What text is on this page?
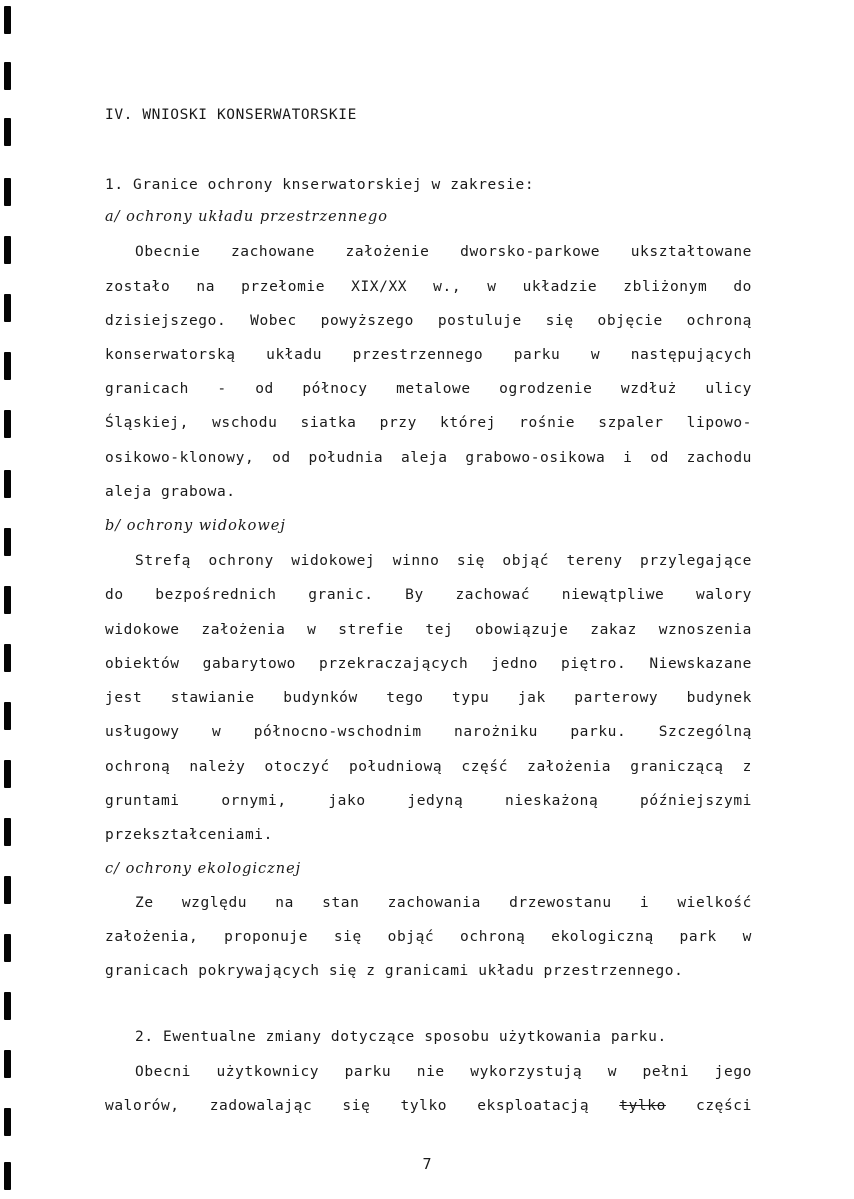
IV. WNIOSKI KONSERWATORSKIE
1. Granice ochrony knserwatorskiej w zakresie:
a/ ochrony układu przestrzennego
Obecnie zachowane założenie dworsko-parkowe ukształtowane
zostało na przełomie XIX/XX w., w układzie zbliżonym do
dzisiejszego. Wobec powyższego postuluje się objęcie ochroną
konserwatorską układu przestrzennego parku w następujących
granicach - od północy metalowe ogrodzenie wzdłuż ulicy
Śląskiej, wschodu siatka przy której rośnie szpaler lipowo-
osikowo-klonowy, od południa aleja grabowo-osikowa i od zachodu
aleja grabowa.
b/ ochrony widokowej
Strefą ochrony widokowej winno się objąć tereny przylegające
do bezpośrednich granic. By zachować niewątpliwe walory
widokowe założenia w strefie tej obowiązuje zakaz wznoszenia
obiektów gabarytowo przekraczających jedno piętro. Niewskazane
jest stawianie budynków tego typu jak parterowy budynek
usługowy w północno-wschodnim narożniku parku. Szczególną
ochroną należy otoczyć południową część założenia graniczącą z
gruntami ornymi, jako jedyną nieskażoną późniejszymi
przekształceniami.
c/ ochrony ekologicznej
Ze względu na stan zachowania drzewostanu i wielkość
założenia, proponuje się objąć ochroną ekologiczną park w
granicach pokrywających się z granicami układu przestrzennego.
2. Ewentualne zmiany dotyczące sposobu użytkowania parku.
Obecni użytkownicy parku nie wykorzystują w pełni jego
walorów, zadowalając się tylko eksploatacją tylko części
7
